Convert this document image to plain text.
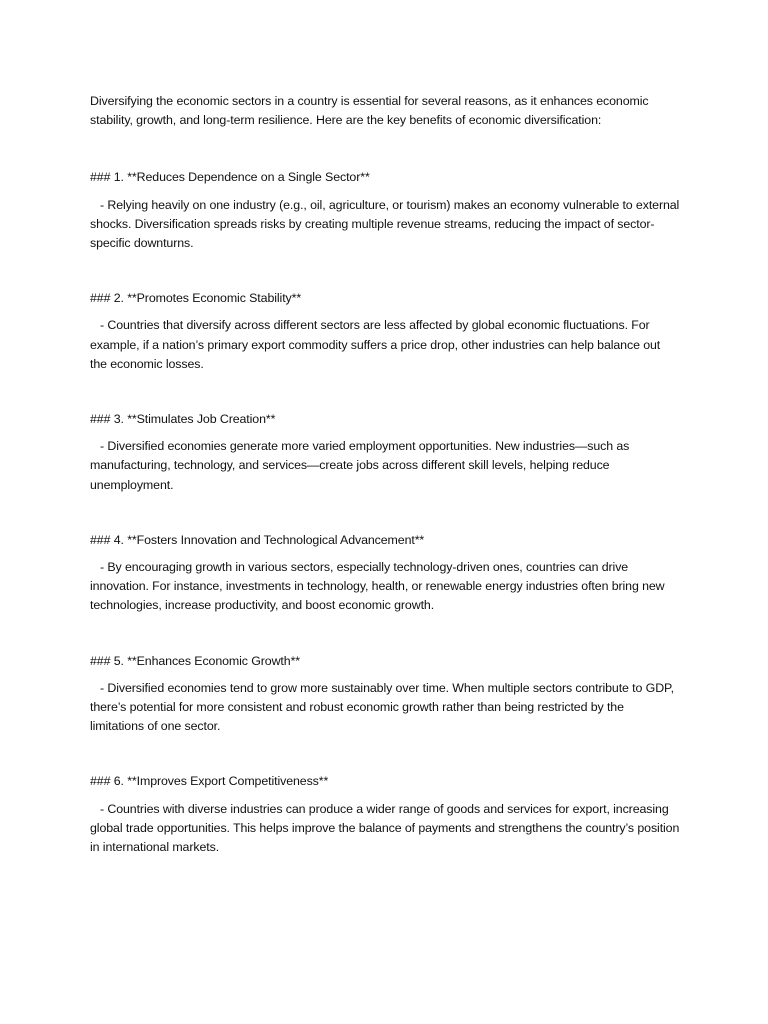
Diversifying the economic sectors in a country is essential for several reasons, as it enhances economic stability, growth, and long-term resilience. Here are the key benefits of economic diversification:

### 1. **Reduces Dependence on a Single Sector**

- Relying heavily on one industry (e.g., oil, agriculture, or tourism) makes an economy vulnerable to external shocks. Diversification spreads risks by creating multiple revenue streams, reducing the impact of sector-specific downturns.

### 2. **Promotes Economic Stability**

- Countries that diversify across different sectors are less affected by global economic fluctuations. For example, if a nation’s primary export commodity suffers a price drop, other industries can help balance out the economic losses.

### 3. **Stimulates Job Creation**

- Diversified economies generate more varied employment opportunities. New industries—such as manufacturing, technology, and services—create jobs across different skill levels, helping reduce unemployment.

### 4. **Fosters Innovation and Technological Advancement**

- By encouraging growth in various sectors, especially technology-driven ones, countries can drive innovation. For instance, investments in technology, health, or renewable energy industries often bring new technologies, increase productivity, and boost economic growth.

### 5. **Enhances Economic Growth**

- Diversified economies tend to grow more sustainably over time. When multiple sectors contribute to GDP, there’s potential for more consistent and robust economic growth rather than being restricted by the limitations of one sector.

### 6. **Improves Export Competitiveness**

- Countries with diverse industries can produce a wider range of goods and services for export, increasing global trade opportunities. This helps improve the balance of payments and strengthens the country’s position in international markets.
